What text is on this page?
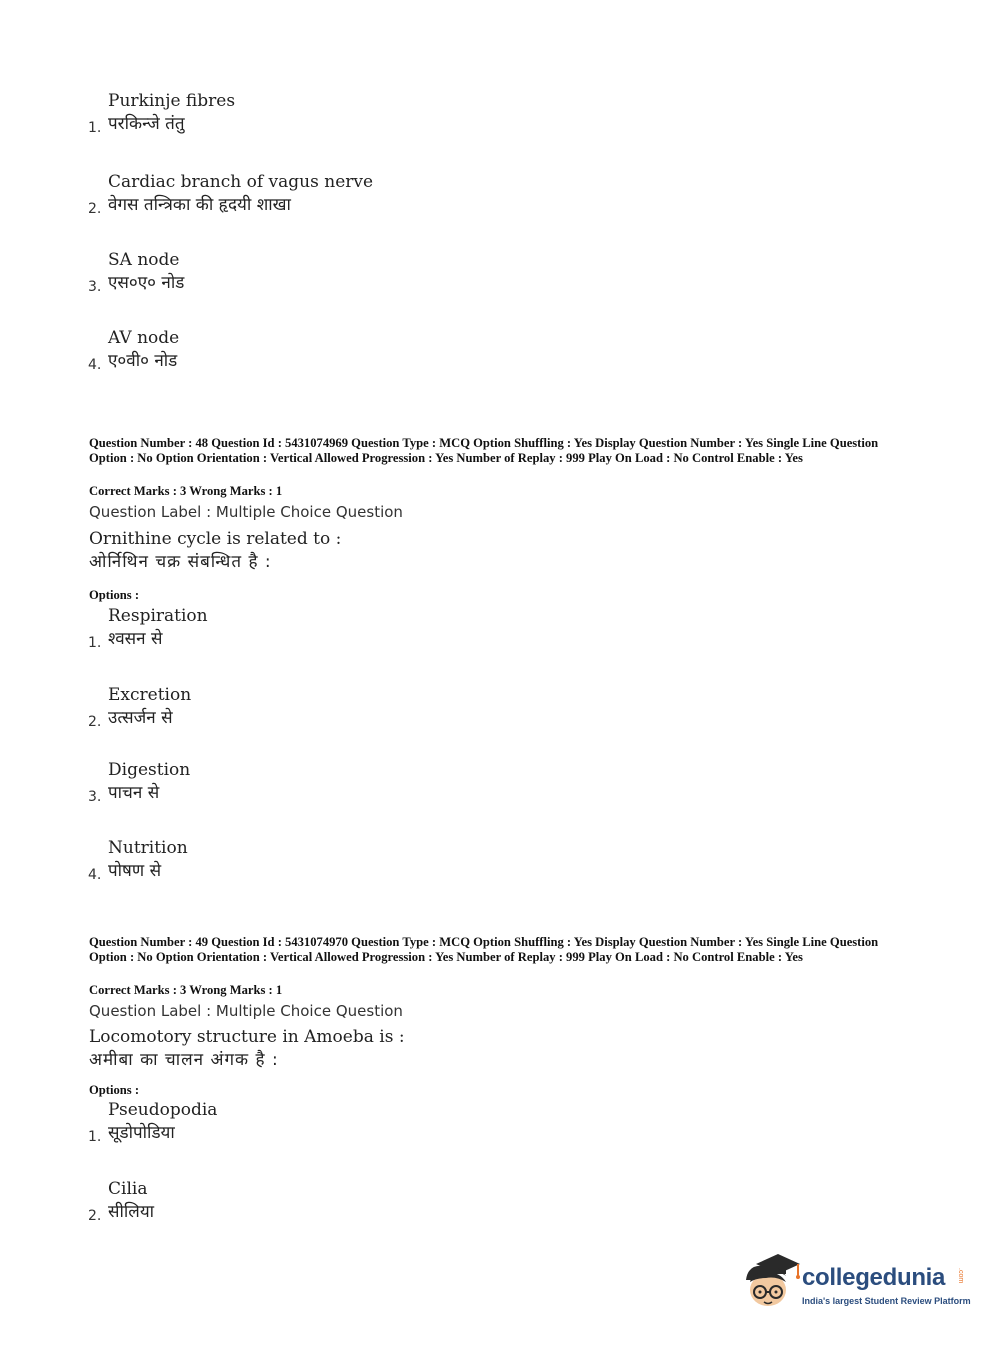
Purkinje fibres
परकिन्जे तंतु
1.
Cardiac branch of vagus nerve
वेगस तन्त्रिका की हृदयी शाखा
2.
SA node
एस०ए० नोड
3.
AV node
ए०वी० नोड
4.
Question Number : 48 Question Id : 5431074969 Question Type : MCQ Option Shuffling : Yes Display Question Number : Yes Single Line Question Option : No Option Orientation : Vertical Allowed Progression : Yes Number of Replay : 999 Play On Load : No Control Enable : Yes
Correct Marks : 3 Wrong Marks : 1
Question Label : Multiple Choice Question
Ornithine cycle is related to :
ओर्निथिन चक्र संबन्धित है :
Options :
Respiration
श्वसन से
1.
Excretion
उत्सर्जन से
2.
Digestion
पाचन से
3.
Nutrition
पोषण से
4.
Question Number : 49 Question Id : 5431074970 Question Type : MCQ Option Shuffling : Yes Display Question Number : Yes Single Line Question Option : No Option Orientation : Vertical Allowed Progression : Yes Number of Replay : 999 Play On Load : No Control Enable : Yes
Correct Marks : 3 Wrong Marks : 1
Question Label : Multiple Choice Question
Locomotory structure in Amoeba is :
अमीबा का चालन अंगक है :
Options :
Pseudopodia
सूडोपोडिया
1.
Cilia
सीलिया
2.
collegedunia .com
India's largest Student Review Platform
